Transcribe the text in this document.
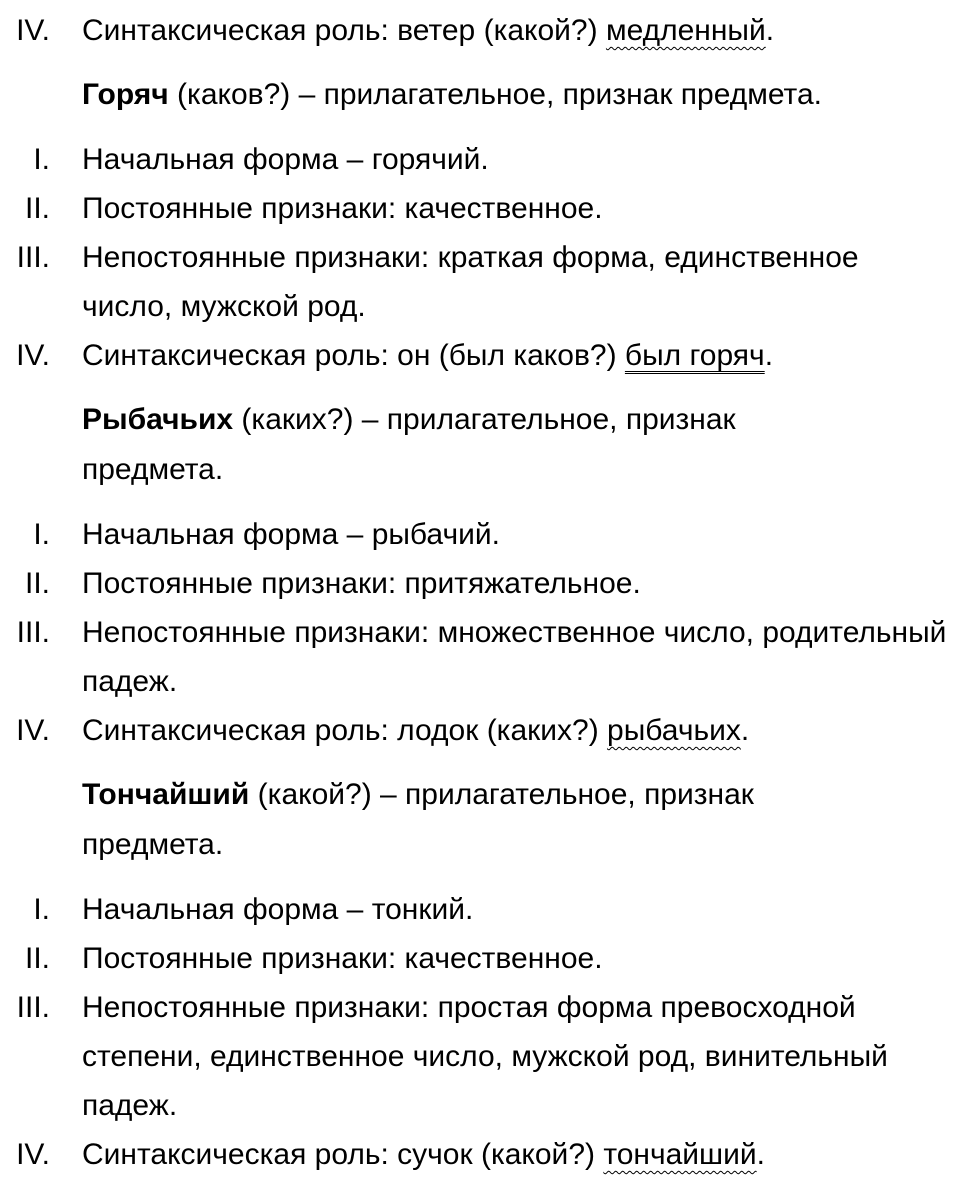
IV. Синтаксическая роль: ветер (какой?) медленный.
Горяч (каков?) – прилагательное, признак предмета.
I. Начальная форма – горячий.
II. Постоянные признаки: качественное.
III. Непостоянные признаки: краткая форма, единственное число, мужской род.
IV. Синтаксическая роль: он (был каков?) был горяч.
Рыбачьих (каких?) – прилагательное, признак предмета.
I. Начальная форма – рыбачий.
II. Постоянные признаки: притяжательное.
III. Непостоянные признаки: множественное число, родительный падеж.
IV. Синтаксическая роль: лодок (каких?) рыбачьих.
Тончайший (какой?) – прилагательное, признак предмета.
I. Начальная форма – тонкий.
II. Постоянные признаки: качественное.
III. Непостоянные признаки: простая форма превосходной степени, единственное число, мужской род, винительный падеж.
IV. Синтаксическая роль: сучок (какой?) тончайший.
